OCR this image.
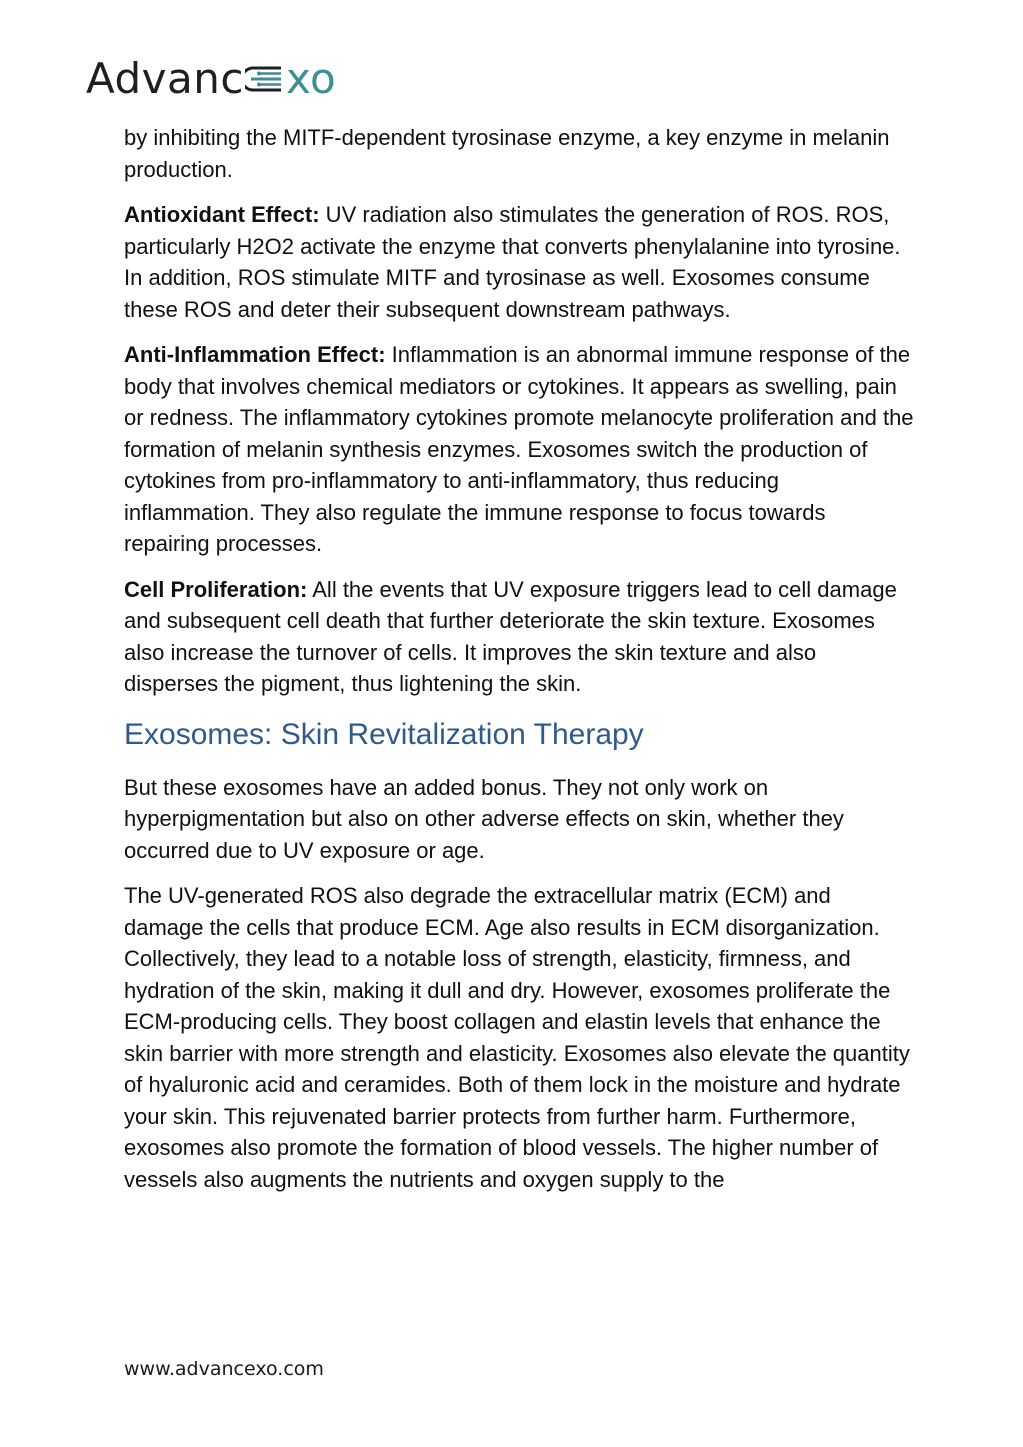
Advanc xo

by inhibiting the MITF-dependent tyrosinase enzyme, a key enzyme in melanin production.

Antioxidant Effect: UV radiation also stimulates the generation of ROS. ROS, particularly H2O2 activate the enzyme that converts phenylalanine into tyrosine. In addition, ROS stimulate MITF and tyrosinase as well. Exosomes consume these ROS and deter their subsequent downstream pathways.

Anti-Inflammation Effect: Inflammation is an abnormal immune response of the body that involves chemical mediators or cytokines. It appears as swelling, pain or redness. The inflammatory cytokines promote melanocyte proliferation and the formation of melanin synthesis enzymes. Exosomes switch the production of cytokines from pro-inflammatory to anti-inflammatory, thus reducing inflammation. They also regulate the immune response to focus towards repairing processes.

Cell Proliferation: All the events that UV exposure triggers lead to cell damage and subsequent cell death that further deteriorate the skin texture. Exosomes also increase the turnover of cells. It improves the skin texture and also disperses the pigment, thus lightening the skin.

Exosomes: Skin Revitalization Therapy

But these exosomes have an added bonus. They not only work on hyperpigmentation but also on other adverse effects on skin, whether they occurred due to UV exposure or age.

The UV-generated ROS also degrade the extracellular matrix (ECM) and damage the cells that produce ECM. Age also results in ECM disorganization. Collectively, they lead to a notable loss of strength, elasticity, firmness, and hydration of the skin, making it dull and dry. However, exosomes proliferate the ECM-producing cells. They boost collagen and elastin levels that enhance the skin barrier with more strength and elasticity. Exosomes also elevate the quantity of hyaluronic acid and ceramides. Both of them lock in the moisture and hydrate your skin. This rejuvenated barrier protects from further harm. Furthermore, exosomes also promote the formation of blood vessels. The higher number of vessels also augments the nutrients and oxygen supply to the

www.advancexo.com
